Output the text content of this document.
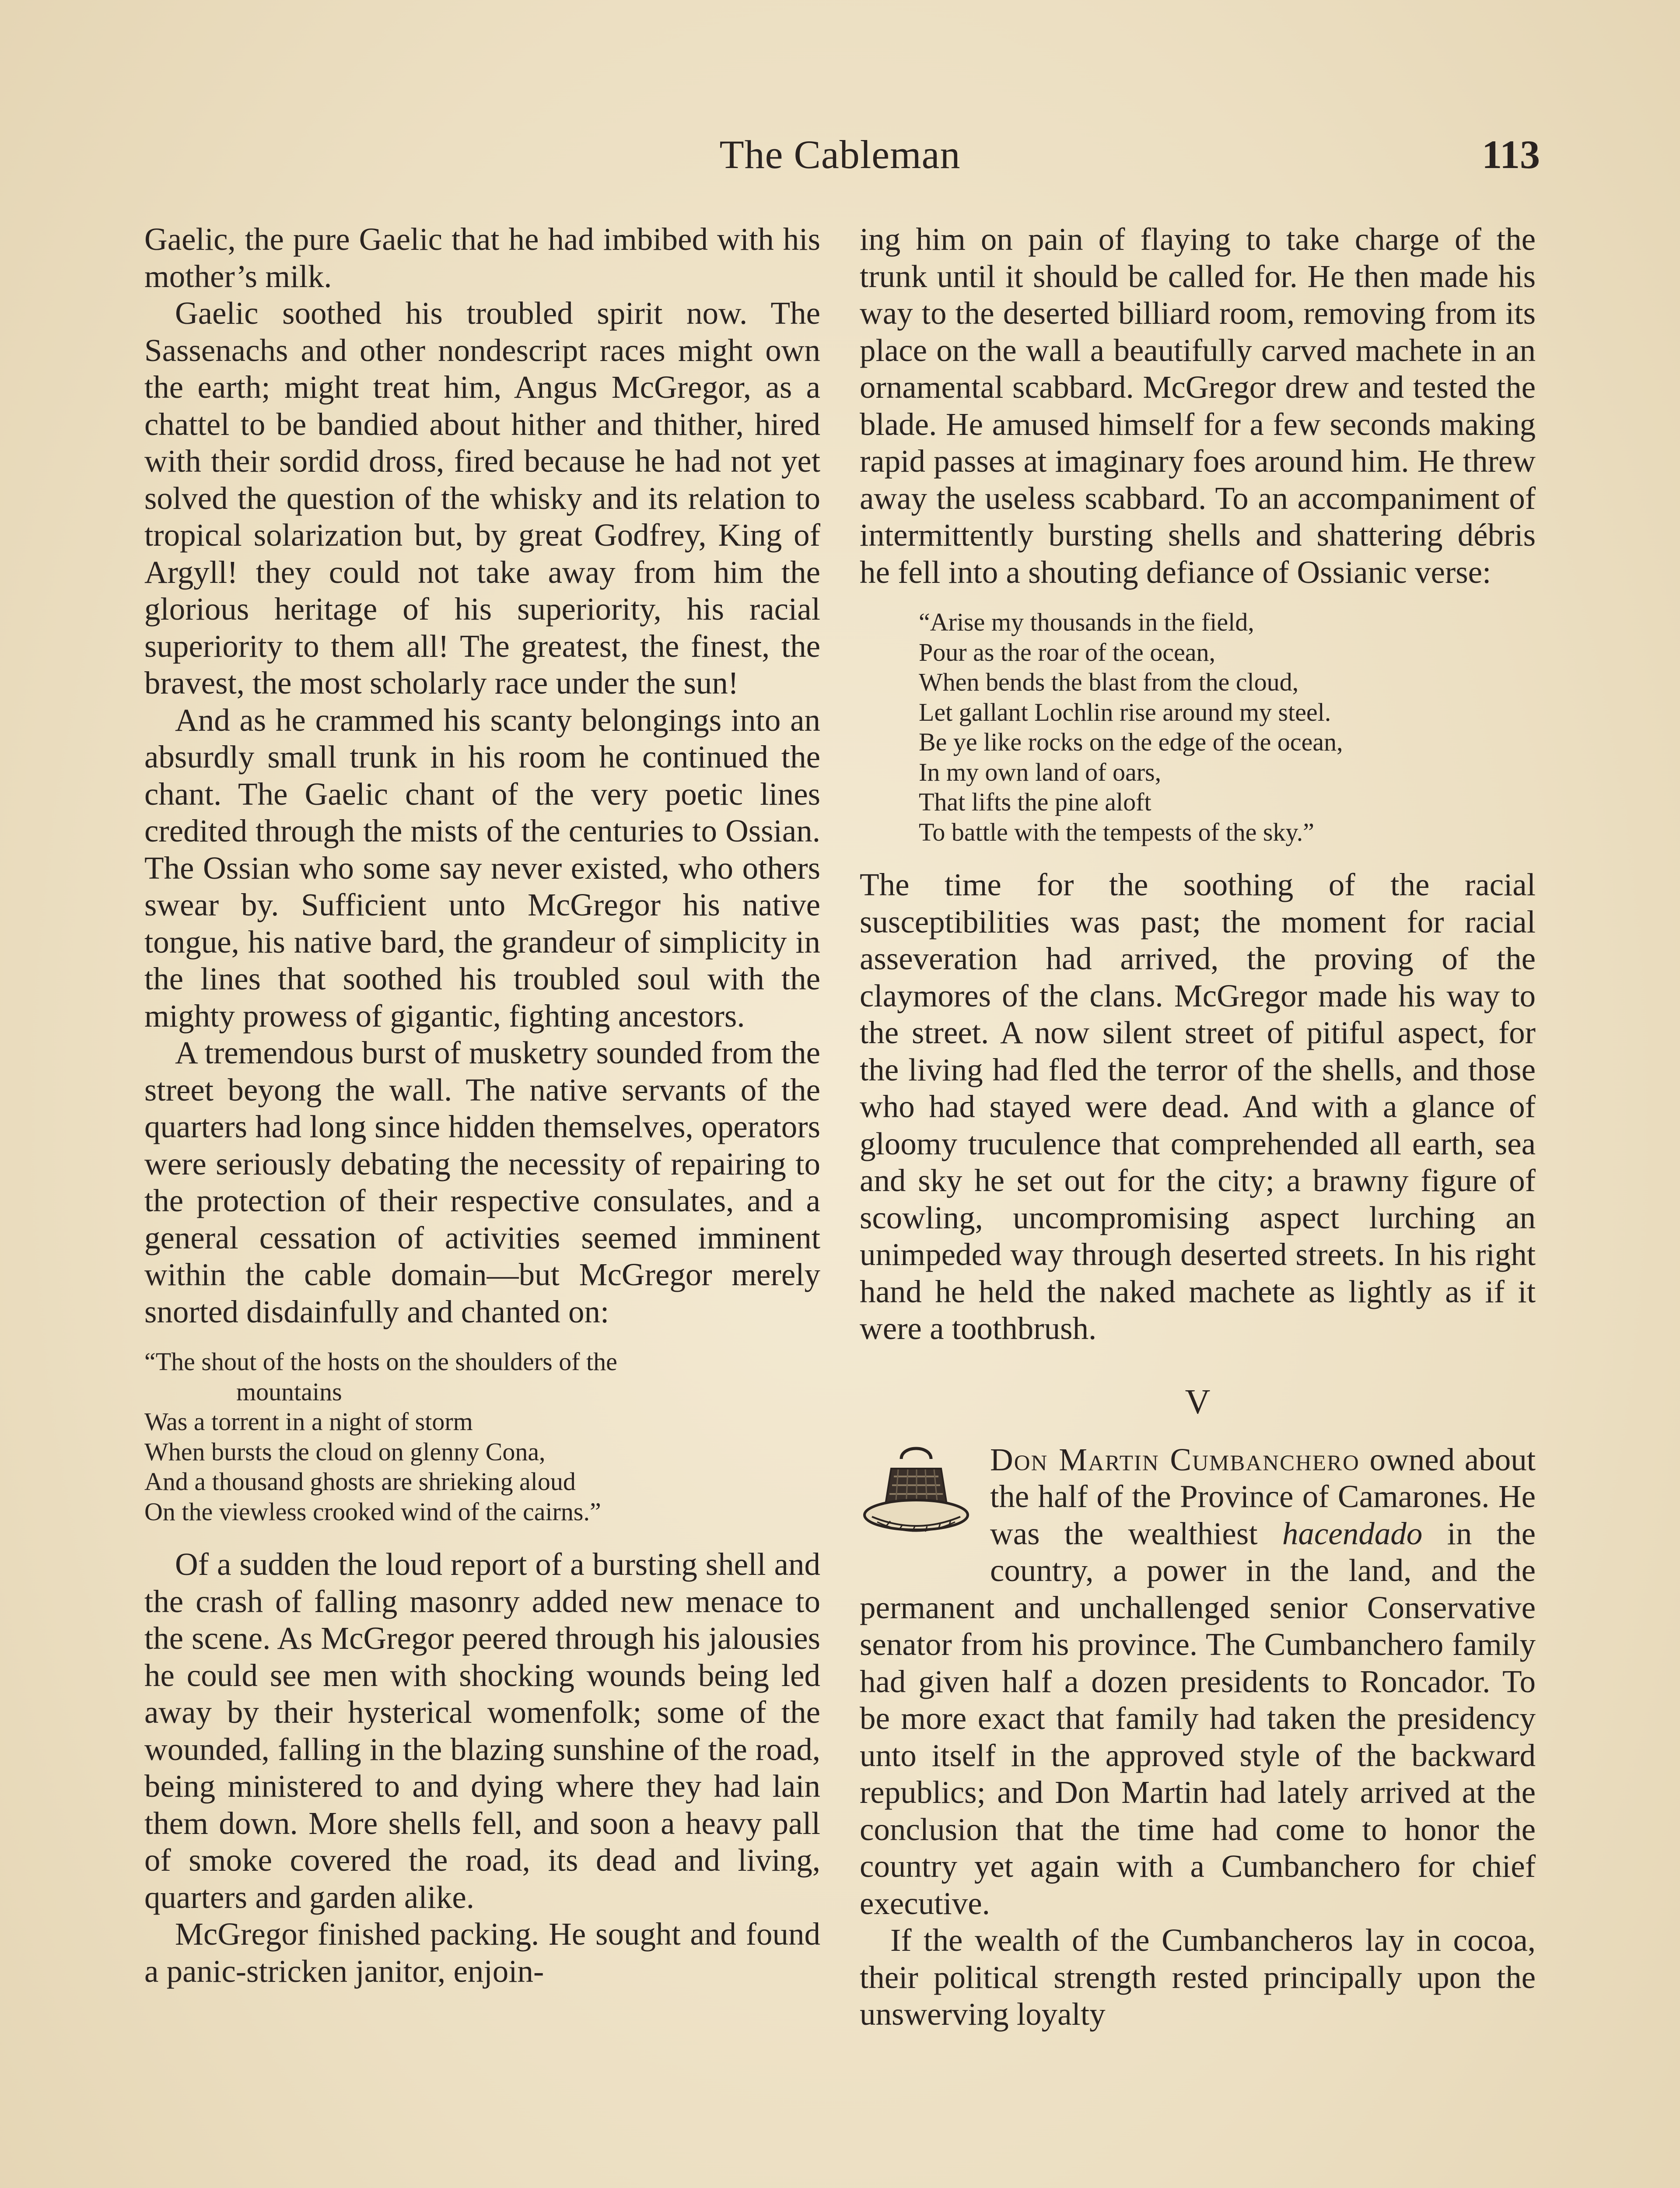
The Cableman	113

Gaelic, the pure Gaelic that he had imbibed with his mother’s milk.

Gaelic soothed his troubled spirit now. The Sassenachs and other nondescript races might own the earth; might treat him, Angus McGregor, as a chattel to be bandied about hither and thither, hired with their sordid dross, fired because he had not yet solved the question of the whisky and its relation to tropical solarization but, by great Godfrey, King of Argyll! they could not take away from him the glorious heritage of his superiority, his racial superiority to them all! The greatest, the finest, the bravest, the most scholarly race under the sun!

And as he crammed his scanty belongings into an absurdly small trunk in his room he continued the chant. The Gaelic chant of the very poetic lines credited through the mists of the centuries to Ossian. The Ossian who some say never existed, who others swear by. Sufficient unto McGregor his native tongue, his native bard, the grandeur of simplicity in the lines that soothed his troubled soul with the mighty prowess of gigantic, fighting ancestors.

A tremendous burst of musketry sounded from the street beyong the wall. The native servants of the quarters had long since hidden themselves, operators were seriously debating the necessity of repairing to the protection of their respective consulates, and a general cessation of activities seemed imminent within the cable domain—but McGregor merely snorted disdainfully and chanted on:

“The shout of the hosts on the shoulders of the
mountains
Was a torrent in a night of storm
When bursts the cloud on glenny Cona,
And a thousand ghosts are shrieking aloud
On the viewless crooked wind of the cairns.”

Of a sudden the loud report of a bursting shell and the crash of falling masonry added new menace to the scene. As McGregor peered through his jalousies he could see men with shocking wounds being led away by their hysterical womenfolk; some of the wounded, falling in the blazing sunshine of the road, being ministered to and dying where they had lain them down. More shells fell, and soon a heavy pall of smoke covered the road, its dead and living, quarters and garden alike.

McGregor finished packing. He sought and found a panic-stricken janitor, enjoin-

ing him on pain of flaying to take charge of the trunk until it should be called for. He then made his way to the deserted billiard room, removing from its place on the wall a beautifully carved machete in an ornamental scabbard. McGregor drew and tested the blade. He amused himself for a few seconds making rapid passes at imaginary foes around him. He threw away the useless scabbard. To an accompaniment of intermittently bursting shells and shattering débris he fell into a shouting defiance of Ossianic verse:

“Arise my thousands in the field,
Pour as the roar of the ocean,
When bends the blast from the cloud,
Let gallant Lochlin rise around my steel.
Be ye like rocks on the edge of the ocean,
In my own land of oars,
That lifts the pine aloft
To battle with the tempests of the sky.”

The time for the soothing of the racial susceptibilities was past; the moment for racial asseveration had arrived, the proving of the claymores of the clans. McGregor made his way to the street. A now silent street of pitiful aspect, for the living had fled the terror of the shells, and those who had stayed were dead. And with a glance of gloomy truculence that comprehended all earth, sea and sky he set out for the city; a brawny figure of scowling, uncompromising aspect lurching an unimpeded way through deserted streets. In his right hand he held the naked machete as lightly as if it were a toothbrush.

V

Don Martin Cumbanchero owned about the half of the Province of Camarones. He was the wealthiest hacendado in the country, a power in the land, and the permanent and unchallenged senior Conservative senator from his province. The Cumbanchero family had given half a dozen presidents to Roncador. To be more exact that family had taken the presidency unto itself in the approved style of the backward republics; and Don Martin had lately arrived at the conclusion that the time had come to honor the country yet again with a Cumbanchero for chief executive.

If the wealth of the Cumbancheros lay in cocoa, their political strength rested principally upon the unswerving loyalty
